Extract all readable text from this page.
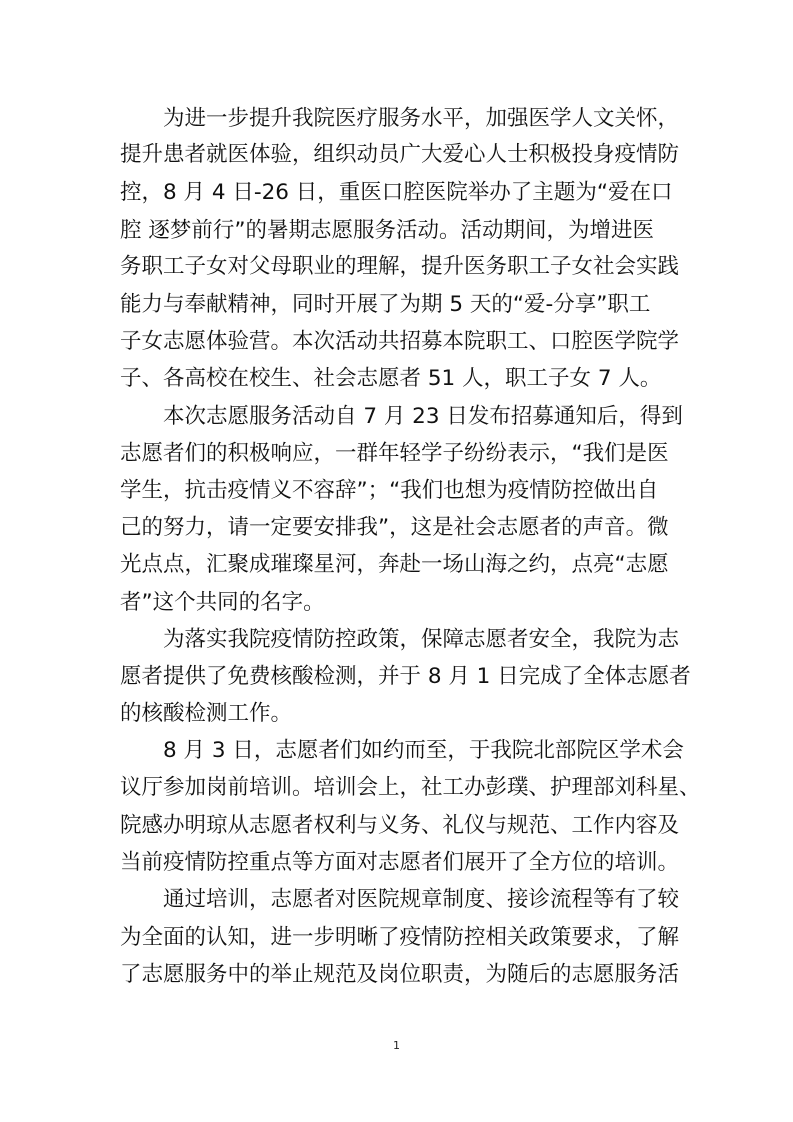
为进一步提升我院医疗服务水平，加强医学人文关怀，
提升患者就医体验，组织动员广大爱心人士积极投身疫情防
控，8 月 4 日-26 日，重医口腔医院举办了主题为“爱在口
腔 逐梦前行”的暑期志愿服务活动。活动期间，为增进医
务职工子女对父母职业的理解，提升医务职工子女社会实践
能力与奉献精神，同时开展了为期 5 天的“爱-分享”职工
子女志愿体验营。本次活动共招募本院职工、口腔医学院学
子、各高校在校生、社会志愿者 51 人，职工子女 7 人。
本次志愿服务活动自 7 月 23 日发布招募通知后，得到
志愿者们的积极响应，一群年轻学子纷纷表示，“我们是医
学生，抗击疫情义不容辞”；“我们也想为疫情防控做出自
己的努力，请一定要安排我”，这是社会志愿者的声音。微
光点点，汇聚成璀璨星河，奔赴一场山海之约，点亮“志愿
者”这个共同的名字。
为落实我院疫情防控政策，保障志愿者安全，我院为志
愿者提供了免费核酸检测，并于 8 月 1 日完成了全体志愿者
的核酸检测工作。
8 月 3 日，志愿者们如约而至，于我院北部院区学术会
议厅参加岗前培训。培训会上，社工办彭璞、护理部刘科星、
院感办明琼从志愿者权利与义务、礼仪与规范、工作内容及
当前疫情防控重点等方面对志愿者们展开了全方位的培训。
通过培训，志愿者对医院规章制度、接诊流程等有了较
为全面的认知，进一步明晰了疫情防控相关政策要求，了解
了志愿服务中的举止规范及岗位职责，为随后的志愿服务活
1
